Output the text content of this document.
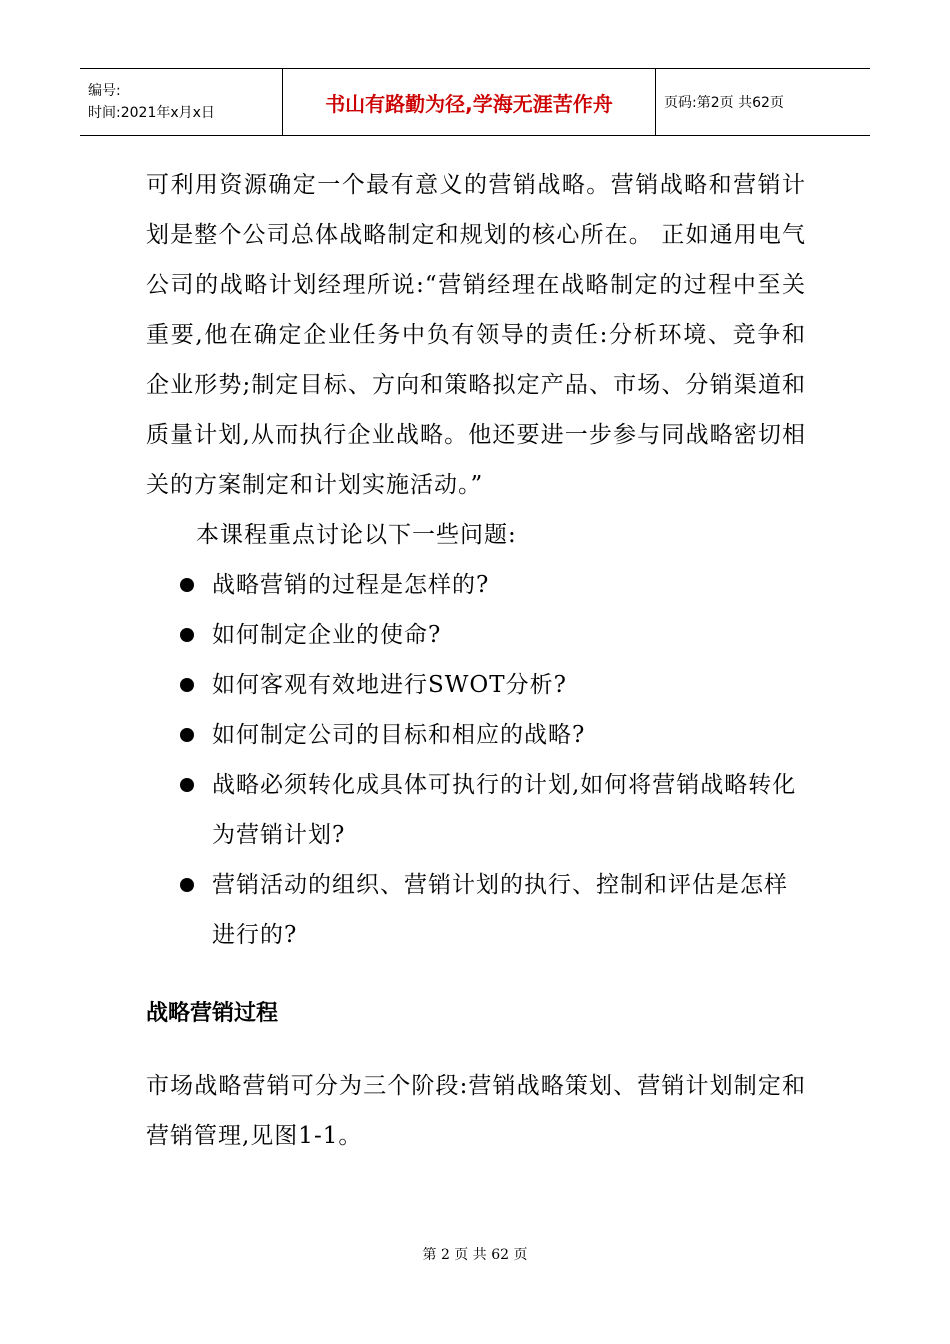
编号:
时间:2021年x月x日	书山有路勤为径,学海无涯苦作舟	页码:第2页 共62页

可利用资源确定一个最有意义的营销战略。营销战略和营销计划是整个公司总体战略制定和规划的核心所在。 正如通用电气公司的战略计划经理所说:“营销经理在战略制定的过程中至关重要,他在确定企业任务中负有领导的责任:分析环境、竞争和企业形势;制定目标、方向和策略拟定产品、市场、分销渠道和质量计划,从而执行企业战略。他还要进一步参与同战略密切相关的方案制定和计划实施活动。”

本课程重点讨论以下一些问题:

战略营销的过程是怎样的?
如何制定企业的使命?
如何客观有效地进行SWOT分析?
如何制定公司的目标和相应的战略?
战略必须转化成具体可执行的计划,如何将营销战略转化为营销计划?
营销活动的组织、营销计划的执行、控制和评估是怎样进行的?
战略营销过程

市场战略营销可分为三个阶段:营销战略策划、营销计划制定和营销管理,见图1-1。

第 2 页 共 62 页
